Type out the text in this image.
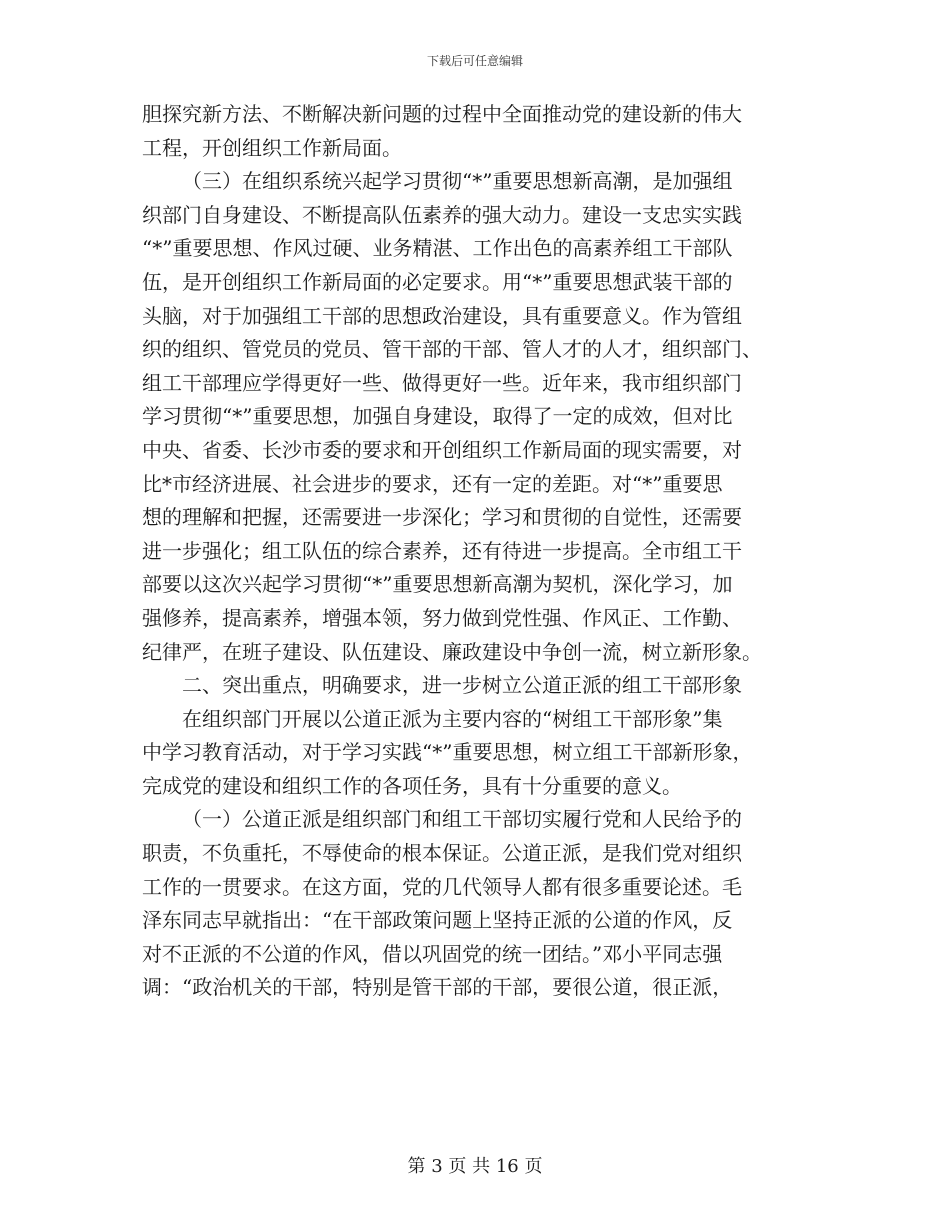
下载后可任意编辑
胆探究新方法、不断解决新问题的过程中全面推动党的建设新的伟大
工程，开创组织工作新局面。
（三）在组织系统兴起学习贯彻“*”重要思想新高潮，是加强组
织部门自身建设、不断提高队伍素养的强大动力。建设一支忠实实践
“*”重要思想、作风过硬、业务精湛、工作出色的高素养组工干部队
伍，是开创组织工作新局面的必定要求。用“*”重要思想武装干部的
头脑，对于加强组工干部的思想政治建设，具有重要意义。作为管组
织的组织、管党员的党员、管干部的干部、管人才的人才，组织部门、
组工干部理应学得更好一些、做得更好一些。近年来，我市组织部门
学习贯彻“*”重要思想，加强自身建设，取得了一定的成效，但对比
中央、省委、长沙市委的要求和开创组织工作新局面的现实需要，对
比*市经济进展、社会进步的要求，还有一定的差距。对“*”重要思
想的理解和把握，还需要进一步深化；学习和贯彻的自觉性，还需要
进一步强化；组工队伍的综合素养，还有待进一步提高。全市组工干
部要以这次兴起学习贯彻“*”重要思想新高潮为契机，深化学习，加
强修养，提高素养，增强本领，努力做到党性强、作风正、工作勤、
纪律严，在班子建设、队伍建设、廉政建设中争创一流，树立新形象。
二、突出重点，明确要求，进一步树立公道正派的组工干部形象
在组织部门开展以公道正派为主要内容的“树组工干部形象”集
中学习教育活动，对于学习实践“*”重要思想，树立组工干部新形象，
完成党的建设和组织工作的各项任务，具有十分重要的意义。
（一）公道正派是组织部门和组工干部切实履行党和人民给予的
职责，不负重托，不辱使命的根本保证。公道正派，是我们党对组织
工作的一贯要求。在这方面，党的几代领导人都有很多重要论述。毛
泽东同志早就指出：“在干部政策问题上坚持正派的公道的作风，反
对不正派的不公道的作风，借以巩固党的统一团结。”邓小平同志强
调：“政治机关的干部，特别是管干部的干部，要很公道，很正派，
第 3 页 共 16 页
